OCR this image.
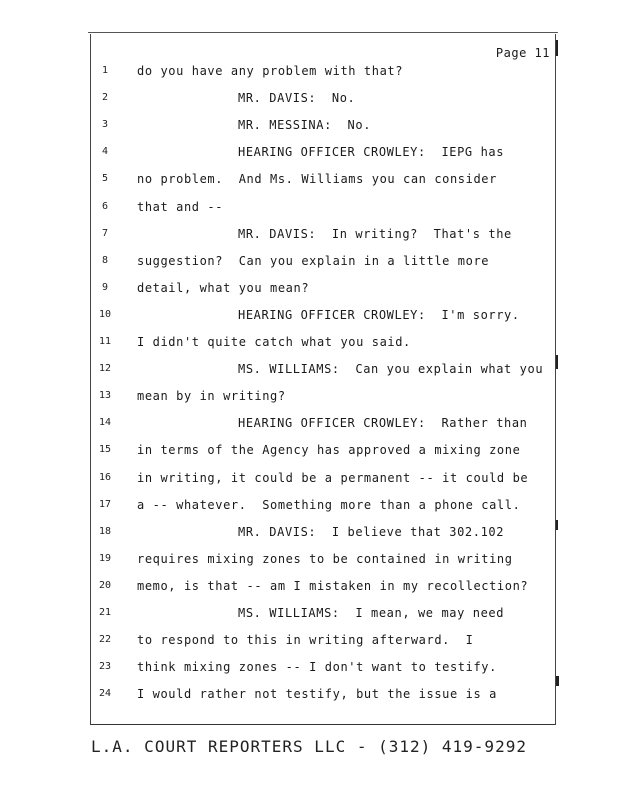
Page 11
1	do you have any problem with that?
2	MR. DAVIS:  No.
3	MR. MESSINA:  No.
4	HEARING OFFICER CROWLEY:  IEPG has
5	no problem.  And Ms. Williams you can consider
6	that and --
7	MR. DAVIS:  In writing?  That's the
8	suggestion?  Can you explain in a little more
9	detail, what you mean?
10	HEARING OFFICER CROWLEY:  I'm sorry.
11	I didn't quite catch what you said.
12	MS. WILLIAMS:  Can you explain what you
13	mean by in writing?
14	HEARING OFFICER CROWLEY:  Rather than
15	in terms of the Agency has approved a mixing zone
16	in writing, it could be a permanent -- it could be
17	a -- whatever.  Something more than a phone call.
18	MR. DAVIS:  I believe that 302.102
19	requires mixing zones to be contained in writing
20	memo, is that -- am I mistaken in my recollection?
21	MS. WILLIAMS:  I mean, we may need
22	to respond to this in writing afterward.  I
23	think mixing zones -- I don't want to testify.
24	I would rather not testify, but the issue is a
L.A. COURT REPORTERS LLC - (312) 419-9292
